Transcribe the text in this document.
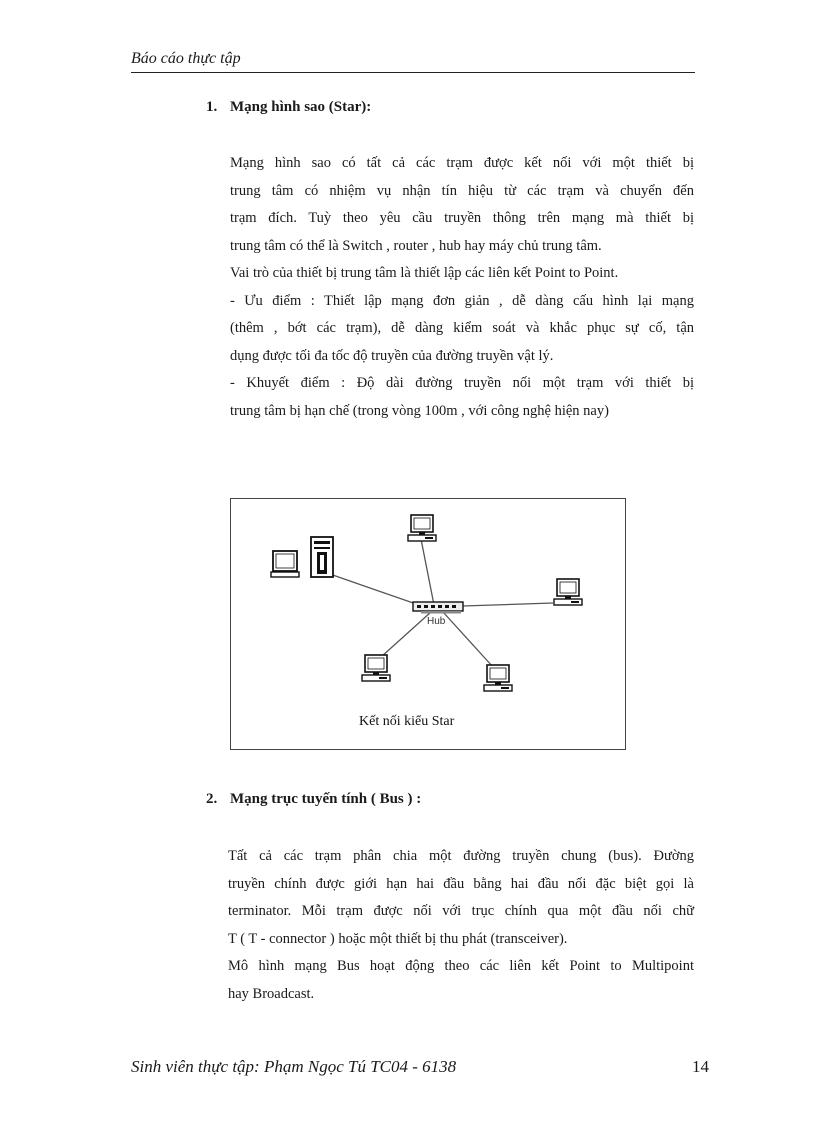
Báo cáo thực tập
1. Mạng hình sao (Star):

Mạng hình sao có tất cả các trạm được kết nối với một thiết bị

trung tâm có nhiệm vụ nhận tín hiệu từ các trạm và chuyển đến

trạm đích. Tuỳ theo yêu cầu truyền thông trên mạng mà thiết bị

trung tâm có thể là Switch , router , hub hay máy chủ trung tâm.

Vai trò của thiết bị trung tâm là thiết lập các liên kết Point to Point.

- Ưu điểm : Thiết lập mạng đơn giản , dễ dàng cấu hình lại mạng

(thêm , bớt các trạm), dễ dàng kiểm soát và khắc phục sự cố, tận

dụng được tối đa tốc độ truyền của đường truyền vật lý.

- Khuyết điểm : Độ dài đường truyền nối một trạm với thiết bị

trung tâm bị hạn chế (trong vòng 100m , với công nghệ hiện nay)

Hub
Kết nối kiểu Star
2. Mạng trục tuyến tính ( Bus ) :

Tất cả các trạm phân chia một đường truyền chung (bus). Đường

truyền chính được giới hạn hai đầu bằng hai đầu nối đặc biệt gọi là

terminator. Mỗi trạm được nối với trục chính qua một đầu nối chữ

T ( T - connector ) hoặc một thiết bị thu phát (transceiver).

Mô hình mạng Bus hoạt động theo các liên kết Point to Multipoint

hay Broadcast.

Sinh viên thực tập: Phạm Ngọc Tú TC04 - 6138	14
